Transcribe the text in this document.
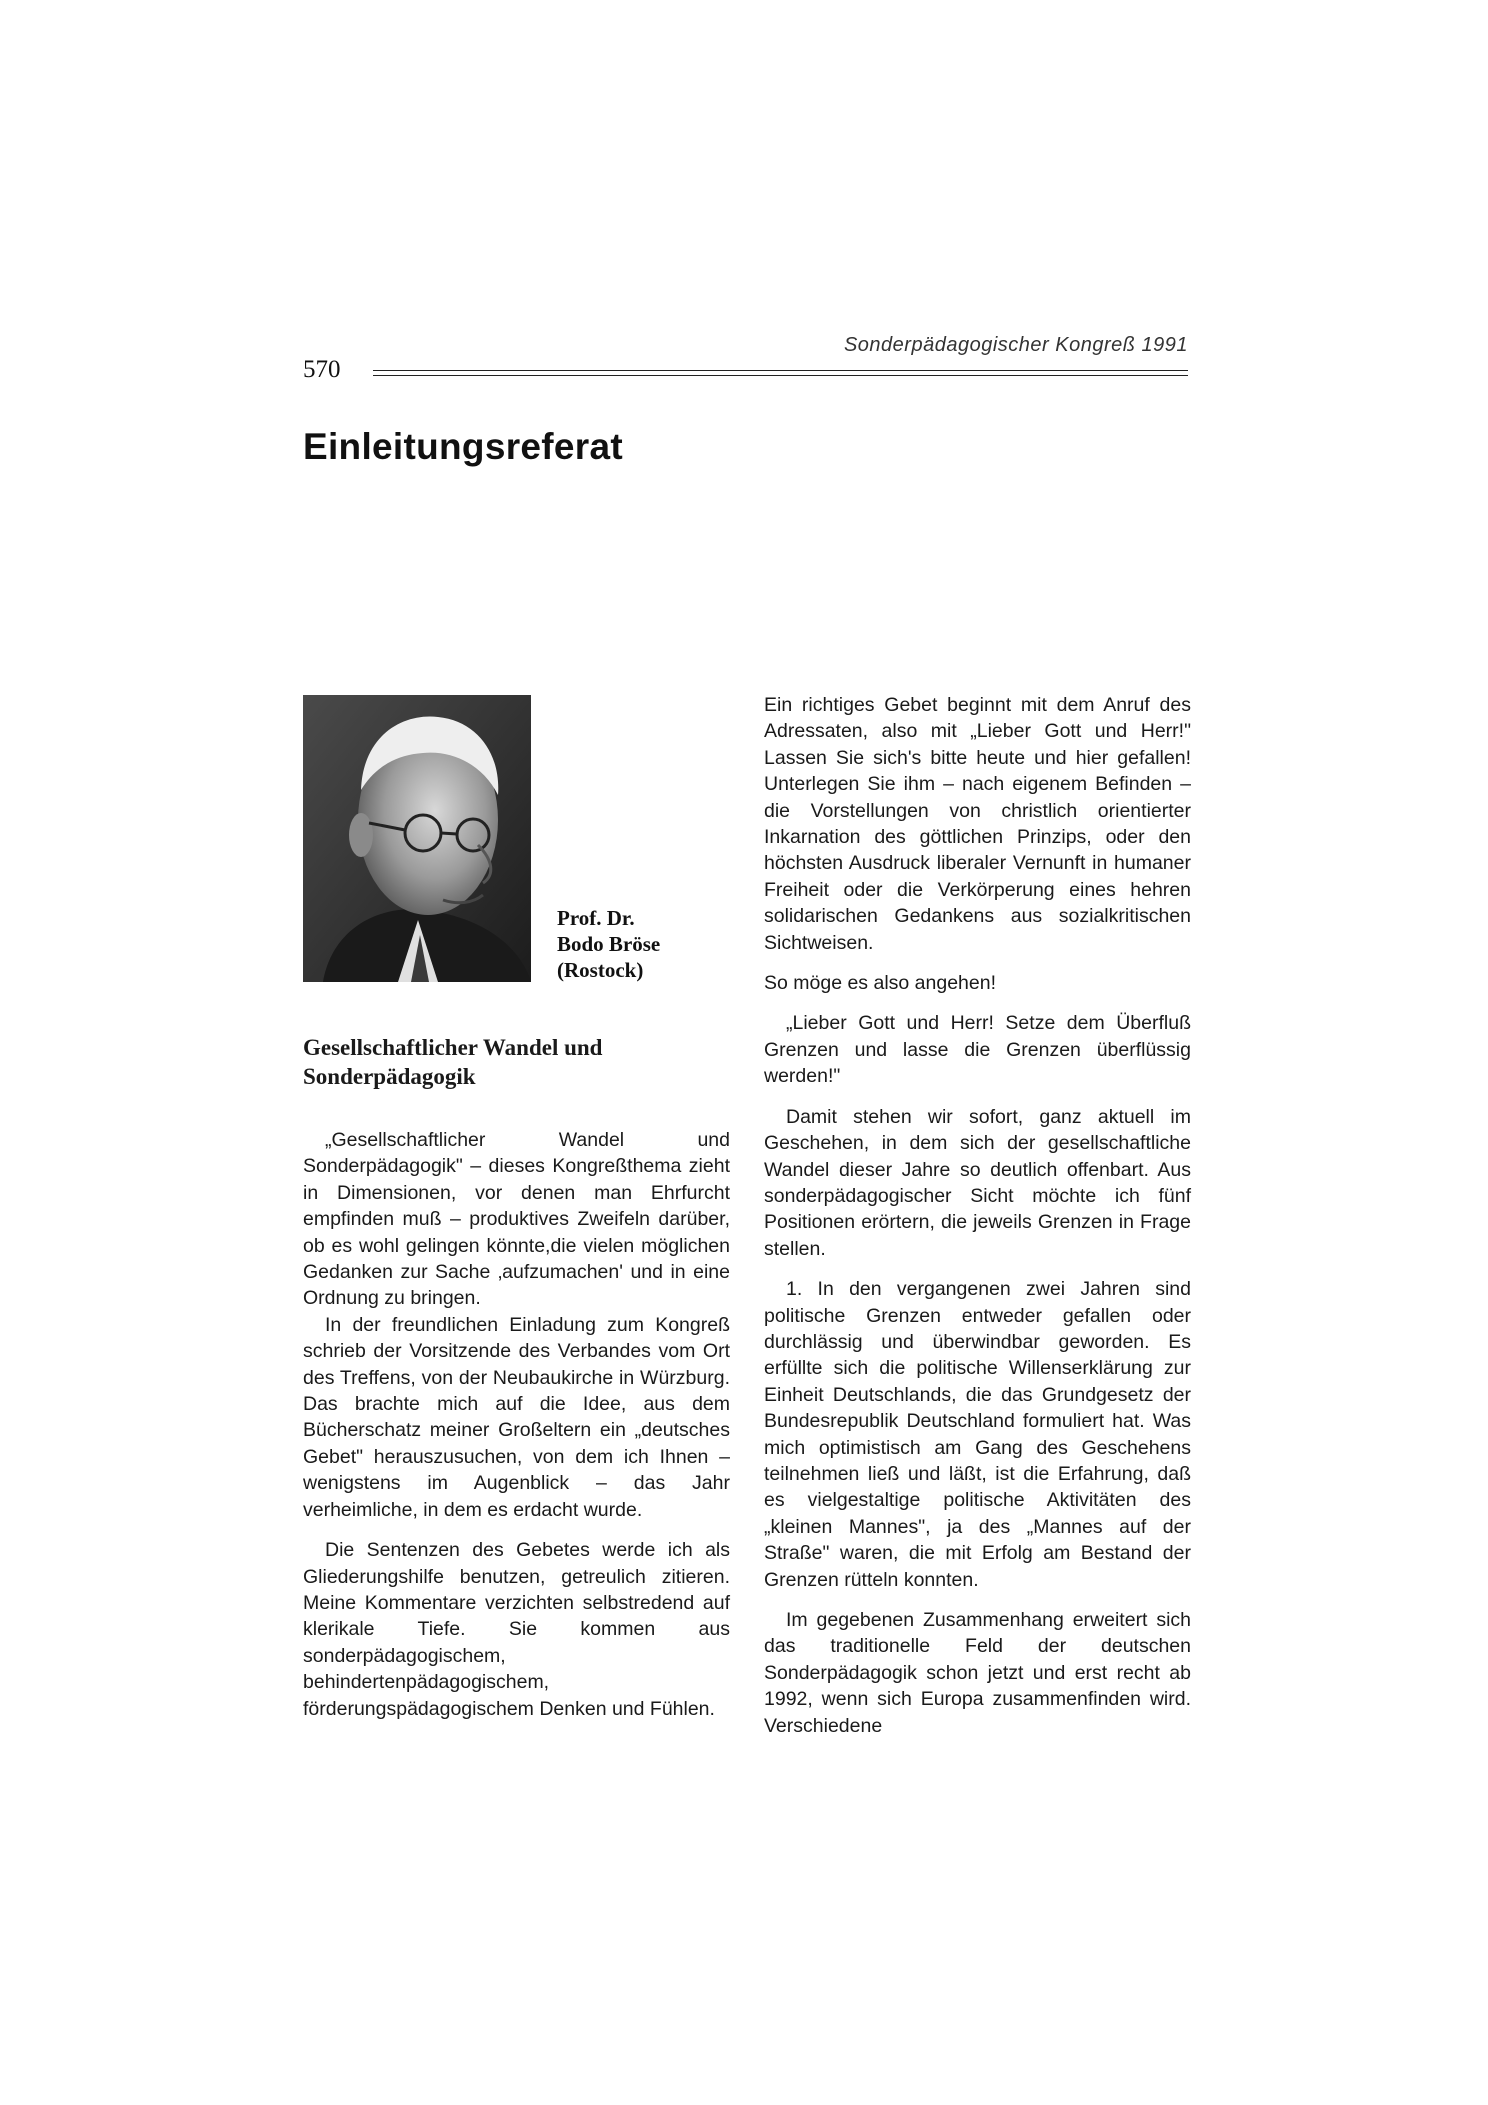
570
Sonderpädagogischer Kongreß 1991
Einleitungsreferat
Prof. Dr.
Bodo Bröse
(Rostock)
Gesellschaftlicher Wandel und Sonderpädagogik

„Gesellschaftlicher Wandel und Sonderpädagogik" – dieses Kongreßthema zieht in Dimensionen, vor denen man Ehrfurcht empfinden muß – produktives Zweifeln darüber, ob es wohl gelingen könnte,die vielen möglichen Gedanken zur Sache ‚aufzumachen' und in eine Ordnung zu bringen.

In der freundlichen Einladung zum Kongreß schrieb der Vorsitzende des Verbandes vom Ort des Treffens, von der Neubaukirche in Würzburg. Das brachte mich auf die Idee, aus dem Bücherschatz meiner Großeltern ein „deutsches Gebet" herauszusuchen, von dem ich Ihnen – wenigstens im Augenblick – das Jahr verheimliche, in dem es erdacht wurde.

Die Sentenzen des Gebetes werde ich als Gliederungshilfe benutzen, getreulich zitieren. Meine Kommentare verzichten selbstredend auf klerikale Tiefe. Sie kommen aus sonderpädagogischem, behindertenpädagogischem, förderungspädagogischem Denken und Fühlen.

Ein richtiges Gebet beginnt mit dem Anruf des Adressaten, also mit „Lieber Gott und Herr!" Lassen Sie sich's bitte heute und hier gefallen! Unterlegen Sie ihm – nach eigenem Befinden – die Vorstellungen von christlich orientierter Inkarnation des göttlichen Prinzips, oder den höchsten Ausdruck liberaler Vernunft in humaner Freiheit oder die Verkörperung eines hehren solidarischen Gedankens aus sozialkritischen Sichtweisen.

So möge es also angehen!

„Lieber Gott und Herr! Setze dem Überfluß Grenzen und lasse die Grenzen überflüssig werden!"

Damit stehen wir sofort, ganz aktuell im Geschehen, in dem sich der gesellschaftliche Wandel dieser Jahre so deutlich offenbart. Aus sonderpädagogischer Sicht möchte ich fünf Positionen erörtern, die jeweils Grenzen in Frage stellen.

1. In den vergangenen zwei Jahren sind politische Grenzen entweder gefallen oder durchlässig und überwindbar geworden. Es erfüllte sich die politische Willenserklärung zur Einheit Deutschlands, die das Grundgesetz der Bundesrepublik Deutschland formuliert hat. Was mich optimistisch am Gang des Geschehens teilnehmen ließ und läßt, ist die Erfahrung, daß es vielgestaltige politische Aktivitäten des „kleinen Mannes", ja des „Mannes auf der Straße" waren, die mit Erfolg am Bestand der Grenzen rütteln konnten.

Im gegebenen Zusammenhang erweitert sich das traditionelle Feld der deutschen Sonderpädagogik schon jetzt und erst recht ab 1992, wenn sich Europa zusammenfinden wird. Verschiedene
